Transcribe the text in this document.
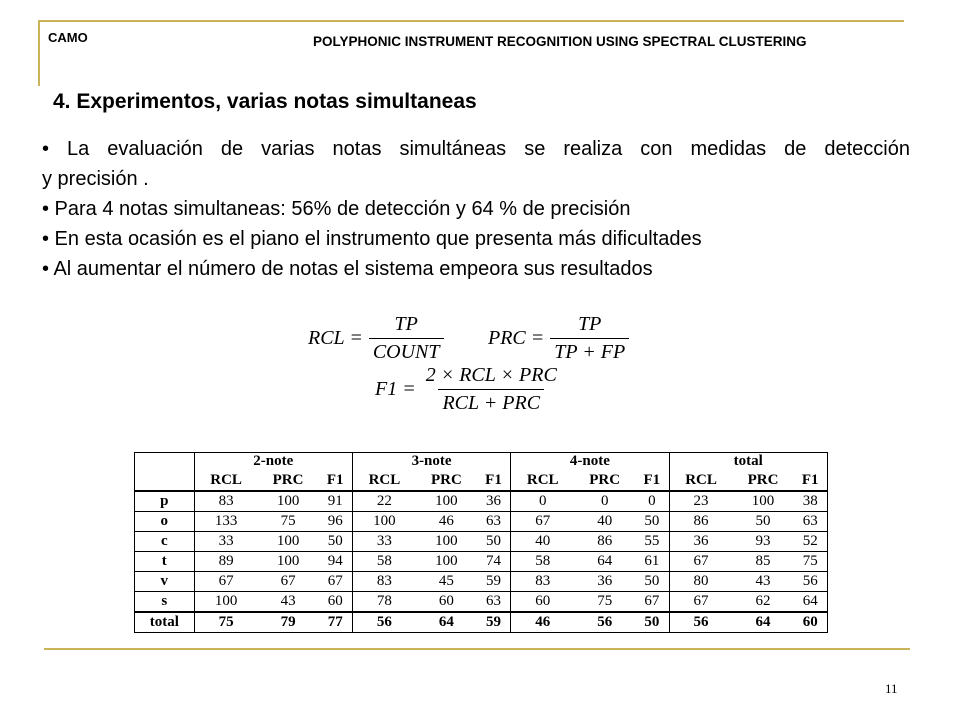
CAMO	POLYPHONIC INSTRUMENT RECOGNITION USING SPECTRAL CLUSTERING
4. Experimentos, varias notas simultaneas
• La evaluación de varias notas simultáneas se realiza con medidas de detección
y precisión .
• Para 4 notas simultaneas: 56% de detección y 64 % de precisión
• En esta ocasión es el piano el instrumento que presenta más dificultades
• Al aumentar el número de notas el sistema empeora sus resultados
RCL = $\frac{TP}{\text{COUNT}}$ PRC = $\frac{TP}{TP + FP}$
$F1 = \frac{\text{2 × RCL × PRC}}{\text{RCL + PRC}}$
	2-note			3-note			4-note			total		
	RCL	PRC	F1	RCL	PRC	F1	RCL	PRC	F1	RCL	PRC	F1
p	83	100	91	22	100	36	0	0	0	23	100	38
o	133	75	96	100	46	63	67	40	50	86	50	63
c	33	100	50	33	100	50	40	86	55	36	93	52
t	89	100	94	58	100	74	58	64	61	67	85	75
v	67	67	67	83	45	59	83	36	50	80	43	56
s	100	43	60	78	60	63	60	75	67	67	62	64
total	75	79	77	56	64	59	46	56	50	56	64	60
11
